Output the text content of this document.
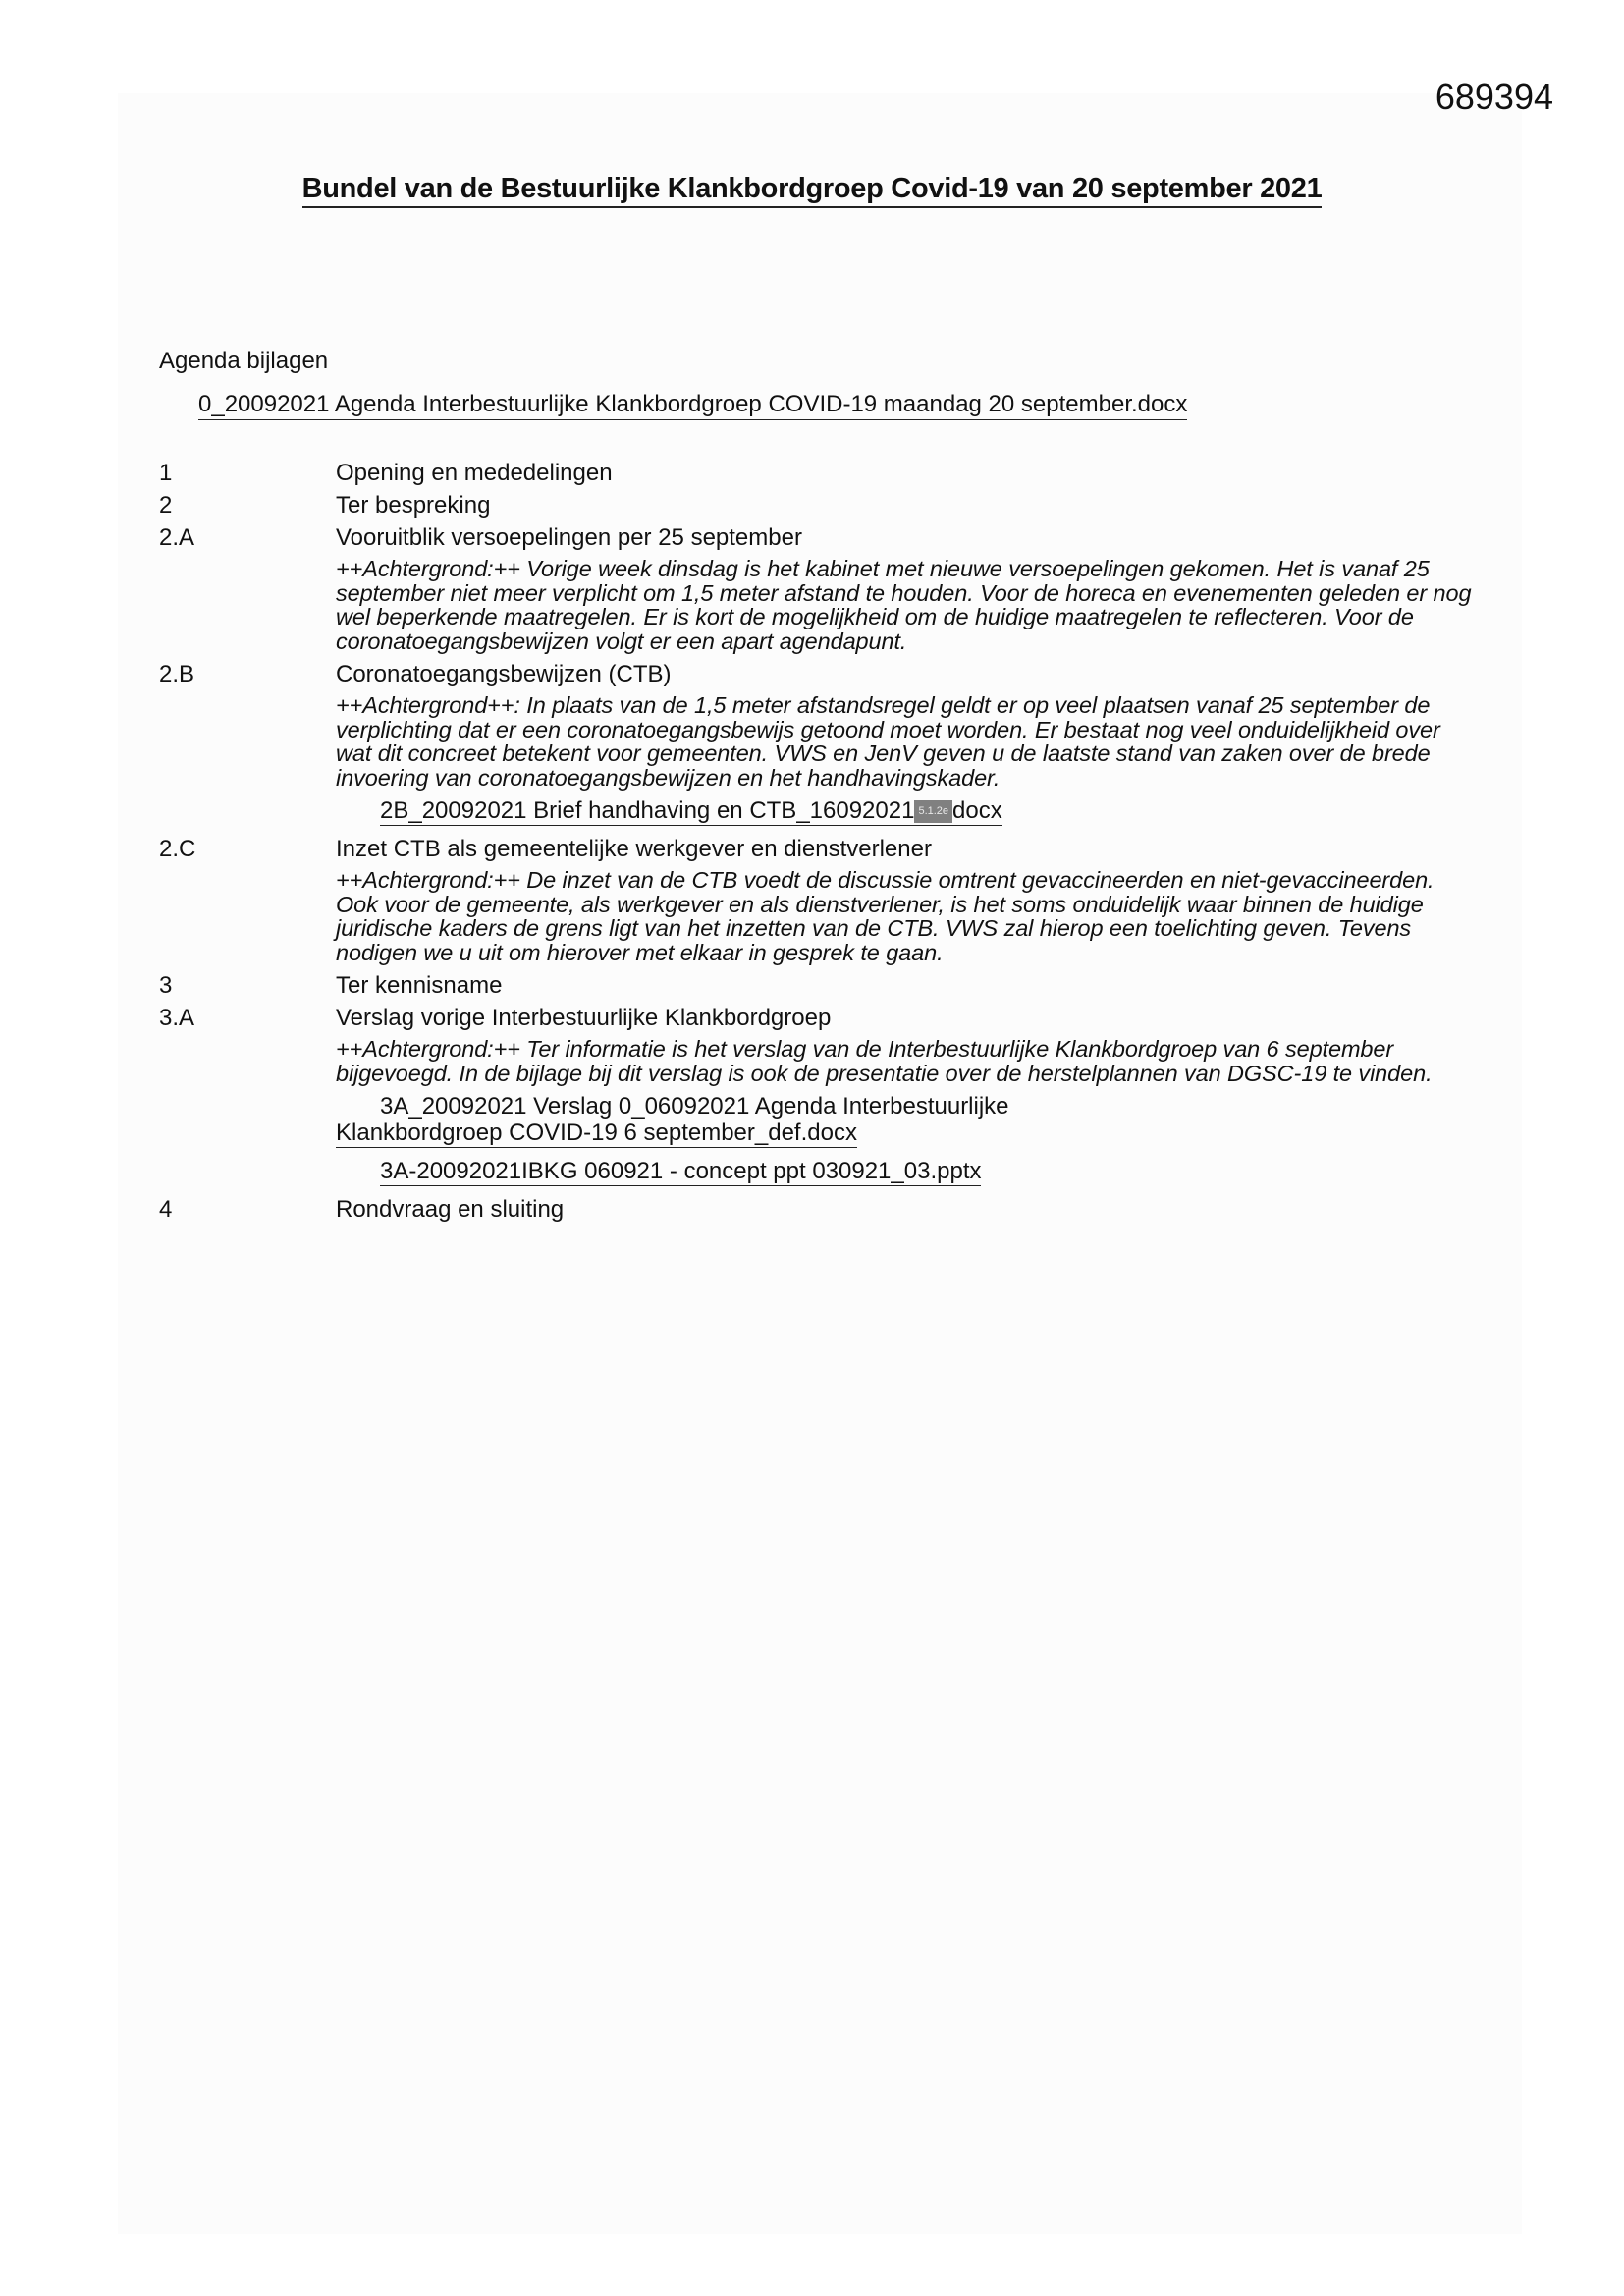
689394
Bundel van de Bestuurlijke Klankbordgroep Covid-19 van 20 september 2021
Agenda bijlagen
0_20092021 Agenda Interbestuurlijke Klankbordgroep COVID-19 maandag 20 september.docx
1	Opening en mededelingen
2	Ter bespreking
2.A	Vooruitblik versoepelingen per 25 september
++Achtergrond:++ Vorige week dinsdag is het kabinet met nieuwe versoepelingen gekomen. Het is vanaf 25 september niet meer verplicht om 1,5 meter afstand te houden. Voor de horeca en evenementen geleden er nog wel beperkende maatregelen. Er is kort de mogelijkheid om de huidige maatregelen te reflecteren. Voor de coronatoegangsbewijzen volgt er een apart agendapunt.
2.B	Coronatoegangsbewijzen (CTB)
++Achtergrond++: In plaats van de 1,5 meter afstandsregel geldt er op veel plaatsen vanaf 25 september de verplichting dat er een coronatoegangsbewijs getoond moet worden. Er bestaat nog veel onduidelijkheid over wat dit concreet betekent voor gemeenten. VWS en JenV geven u de laatste stand van zaken over de brede invoering van coronatoegangsbewijzen en het handhavingskader.
2B_20092021 Brief handhaving en CTB_16092021 5.1.2e docx
2.C	Inzet CTB als gemeentelijke werkgever en dienstverlener
++Achtergrond:++ De inzet van de CTB voedt de discussie omtrent gevaccineerden en niet-gevaccineerden. Ook voor de gemeente, als werkgever en als dienstverlener, is het soms onduidelijk waar binnen de huidige juridische kaders de grens ligt van het inzetten van de CTB. VWS zal hierop een toelichting geven. Tevens nodigen we u uit om hierover met elkaar in gesprek te gaan.
3	Ter kennisname
3.A	Verslag vorige Interbestuurlijke Klankbordgroep
++Achtergrond:++ Ter informatie is het verslag van de Interbestuurlijke Klankbordgroep van 6 september bijgevoegd. In de bijlage bij dit verslag is ook de presentatie over de herstelplannen van DGSC-19 te vinden.
3A_20092021 Verslag 0_06092021 Agenda Interbestuurlijke Klankbordgroep COVID-19 6 september_def.docx
3A-20092021IBKG 060921 - concept ppt 030921_03.pptx
4	Rondvraag en sluiting
